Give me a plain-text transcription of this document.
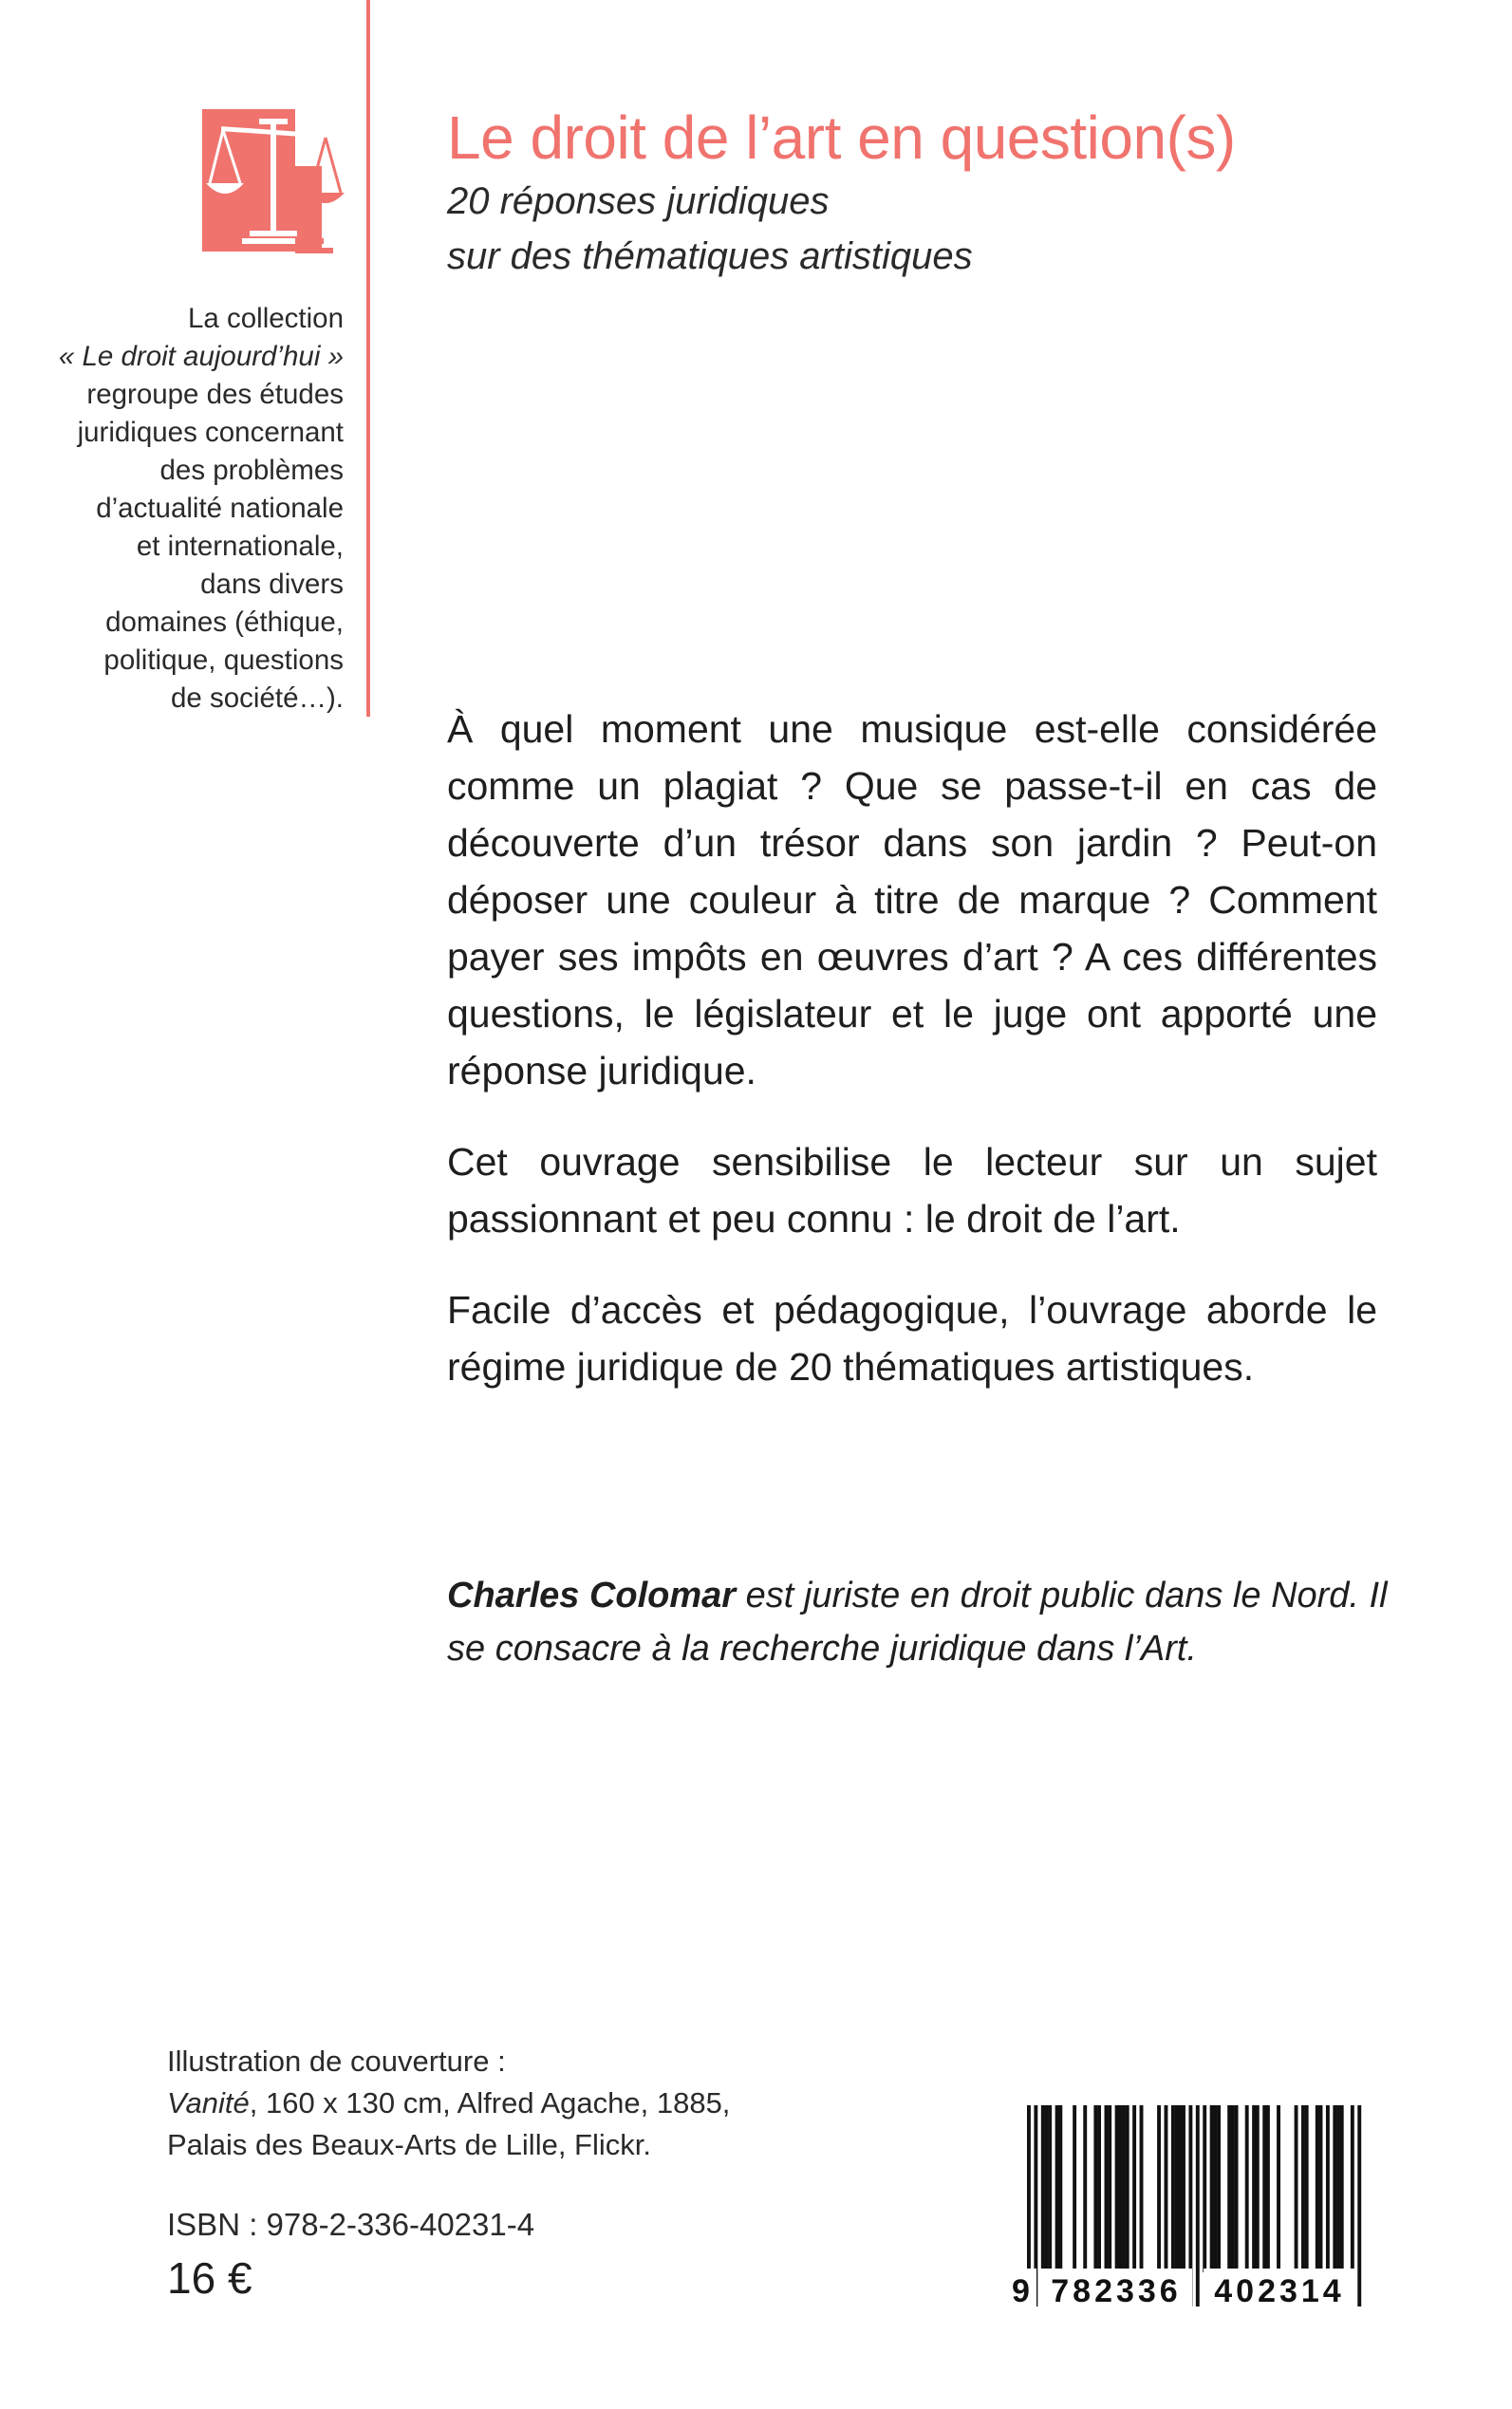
La collection
« Le droit aujourd’hui »
regroupe des études
juridiques concernant
des problèmes
d’actualité nationale
et internationale,
dans divers
domaines (éthique,
politique, questions
de société…).
Le droit de l’art en question(s)
20 réponses juridiques
sur des thématiques artistiques
À quel moment une musique est-elle considérée
comme un plagiat ? Que se passe-t-il en cas de
découverte d’un trésor dans son jardin ? Peut-on
déposer une couleur à titre de marque ? Comment
payer ses impôts en œuvres d’art ? A ces différentes
questions, le législateur et le juge ont apporté une
réponse juridique.
Cet ouvrage sensibilise le lecteur sur un sujet
passionnant et peu connu : le droit de l’art.
Facile d’accès et pédagogique, l’ouvrage aborde le
régime juridique de 20 thématiques artistiques.
Charles Colomar est juriste en droit public dans le Nord. Il
se consacre à la recherche juridique dans l’Art.
Illustration de couverture :
Vanité, 160 x 130 cm, Alfred Agache, 1885,
Palais des Beaux-Arts de Lille, Flickr.
ISBN : 978-2-336-40231-4
16 €	9 782336	402314
